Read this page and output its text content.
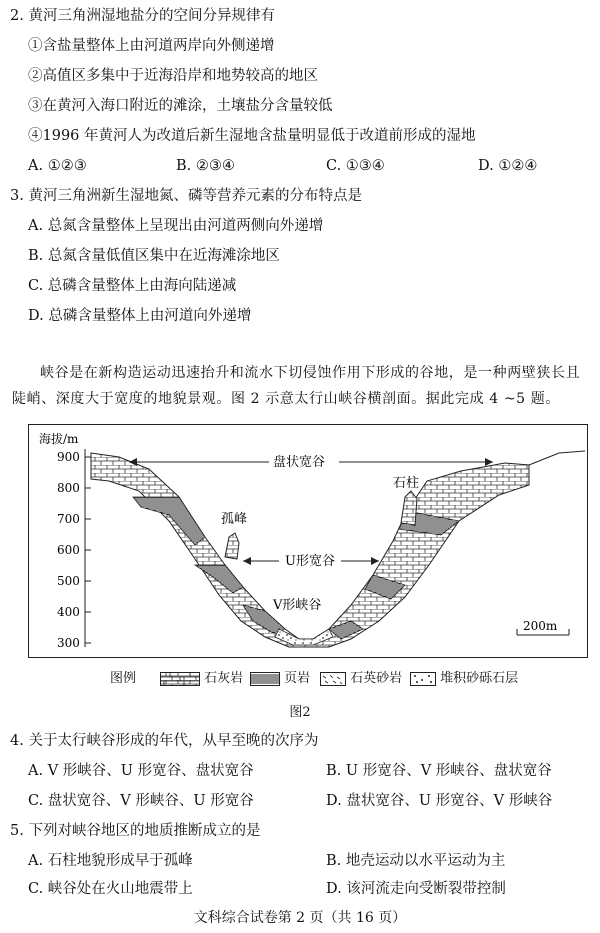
2. 黄河三角洲湿地盐分的空间分异规律有
①含盐量整体上由河道两岸向外侧递增
②高值区多集中于近海沿岸和地势较高的地区
③在黄河入海口附近的滩涂，土壤盐分含量较低
④1996 年黄河人为改道后新生湿地含盐量明显低于改道前形成的湿地
A. ①②③	B. ②③④	C. ①③④	D. ①②④
3. 黄河三角洲新生湿地氮、磷等营养元素的分布特点是
A. 总氮含量整体上呈现出由河道两侧向外递增
B. 总氮含量低值区集中在近海滩涂地区
C. 总磷含量整体上由海向陆递减
D. 总磷含量整体上由河道向外递增
峡谷是在新构造运动迅速抬升和流水下切侵蚀作用下形成的谷地，是一种两壁狭长且
陡峭、深度大于宽度的地貌景观。图 2 示意太行山峡谷横剖面。据此完成 4 ~5 题。
海拔/m
900
800
700
600
500
400
300
盘状宽谷
U形宽谷
V形峡谷
石柱
孤峰
200m
图例	石灰岩	页岩	石英砂岩	堆积砂砾石层
图2
4. 关于太行峡谷形成的年代，从早至晚的次序为
A. V 形峡谷、U 形宽谷、盘状宽谷	B. U 形宽谷、V 形峡谷、盘状宽谷
C. 盘状宽谷、V 形峡谷、U 形宽谷	D. 盘状宽谷、U 形宽谷、V 形峡谷
5. 下列对峡谷地区的地质推断成立的是
A. 石柱地貌形成早于孤峰	B. 地壳运动以水平运动为主
C. 峡谷处在火山地震带上	D. 该河流走向受断裂带控制
文科综合试卷第 2 页（共 16 页）
